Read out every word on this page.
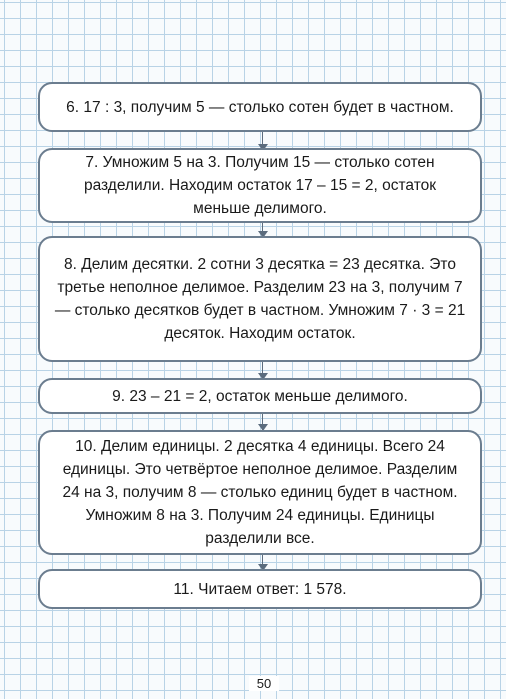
6. 17 : 3, получим 5 — столько сотен будет в частном.
7. Умножим 5 на 3. Получим 15 — столько сотен разделили. Находим остаток 17 – 15 = 2, остаток меньше делимого.
8. Делим десятки. 2 сотни 3 десятка = 23 десятка. Это третье неполное делимое. Разделим 23 на 3, получим 7 — столько десятков будет в частном. Умножим 7 · 3 = 21 десяток. Находим остаток.
9. 23 – 21 = 2, остаток меньше делимого.
10. Делим единицы. 2 десятка 4 единицы. Всего 24 единицы. Это четвёртое неполное делимое. Разделим 24 на 3, получим 8 — столько единиц будет в частном. Умножим 8 на 3. Получим 24 единицы. Единицы разделили все.
11. Читаем ответ: 1 578.
50
